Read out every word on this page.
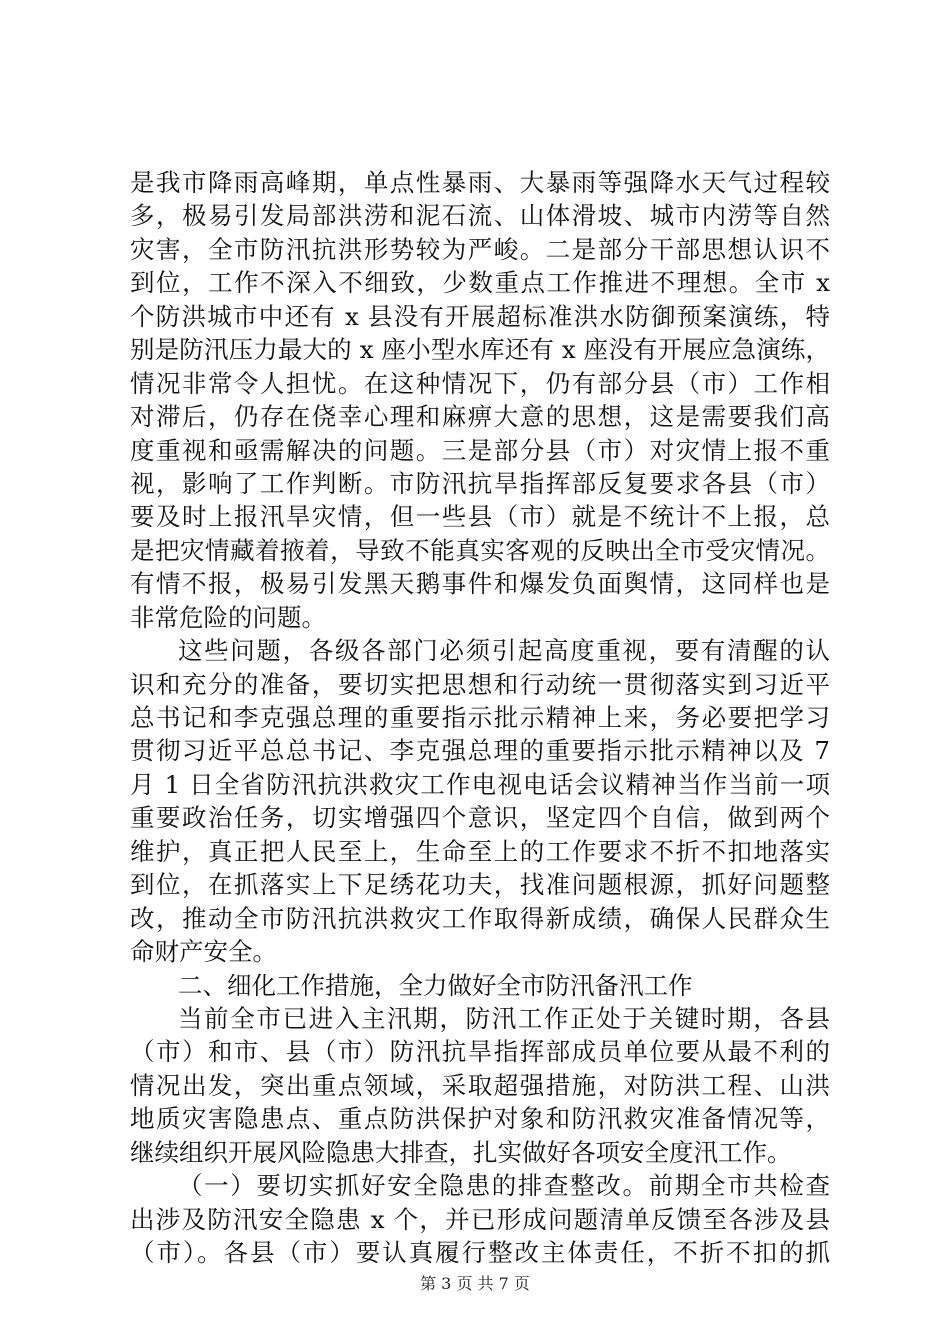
是我市降雨高峰期，单点性暴雨、大暴雨等强降水天气过程较
多，极易引发局部洪涝和泥石流、山体滑坡、城市内涝等自然
灾害，全市防汛抗洪形势较为严峻。二是部分干部思想认识不
到位，工作不深入不细致，少数重点工作推进不理想。全市 x
个防洪城市中还有 x 县没有开展超标准洪水防御预案演练，特
别是防汛压力最大的 x 座小型水库还有 x 座没有开展应急演练，
情况非常令人担忧。在这种情况下，仍有部分县（市）工作相
对滞后，仍存在侥幸心理和麻痹大意的思想，这是需要我们高
度重视和亟需解决的问题。三是部分县（市）对灾情上报不重
视，影响了工作判断。市防汛抗旱指挥部反复要求各县（市）
要及时上报汛旱灾情，但一些县（市）就是不统计不上报，总
是把灾情藏着掖着，导致不能真实客观的反映出全市受灾情况。
有情不报，极易引发黑天鹅事件和爆发负面舆情，这同样也是
非常危险的问题。
这些问题，各级各部门必须引起高度重视，要有清醒的认
识和充分的准备，要切实把思想和行动统一贯彻落实到习近平
总书记和李克强总理的重要指示批示精神上来，务必要把学习
贯彻习近平总总书记、李克强总理的重要指示批示精神以及 7
月 1 日全省防汛抗洪救灾工作电视电话会议精神当作当前一项
重要政治任务，切实增强四个意识，坚定四个自信，做到两个
维护，真正把人民至上，生命至上的工作要求不折不扣地落实
到位，在抓落实上下足绣花功夫，找准问题根源，抓好问题整
改，推动全市防汛抗洪救灾工作取得新成绩，确保人民群众生
命财产安全。
二、细化工作措施，全力做好全市防汛备汛工作
当前全市已进入主汛期，防汛工作正处于关键时期，各县
（市）和市、县（市）防汛抗旱指挥部成员单位要从最不利的
情况出发，突出重点领域，采取超强措施，对防洪工程、山洪
地质灾害隐患点、重点防洪保护对象和防汛救灾准备情况等，
继续组织开展风险隐患大排查，扎实做好各项安全度汛工作。
（一）要切实抓好安全隐患的排查整改。前期全市共检查
出涉及防汛安全隐患 x 个，并已形成问题清单反馈至各涉及县
（市）。各县（市）要认真履行整改主体责任，不折不扣的抓
第 3 页 共 7 页
